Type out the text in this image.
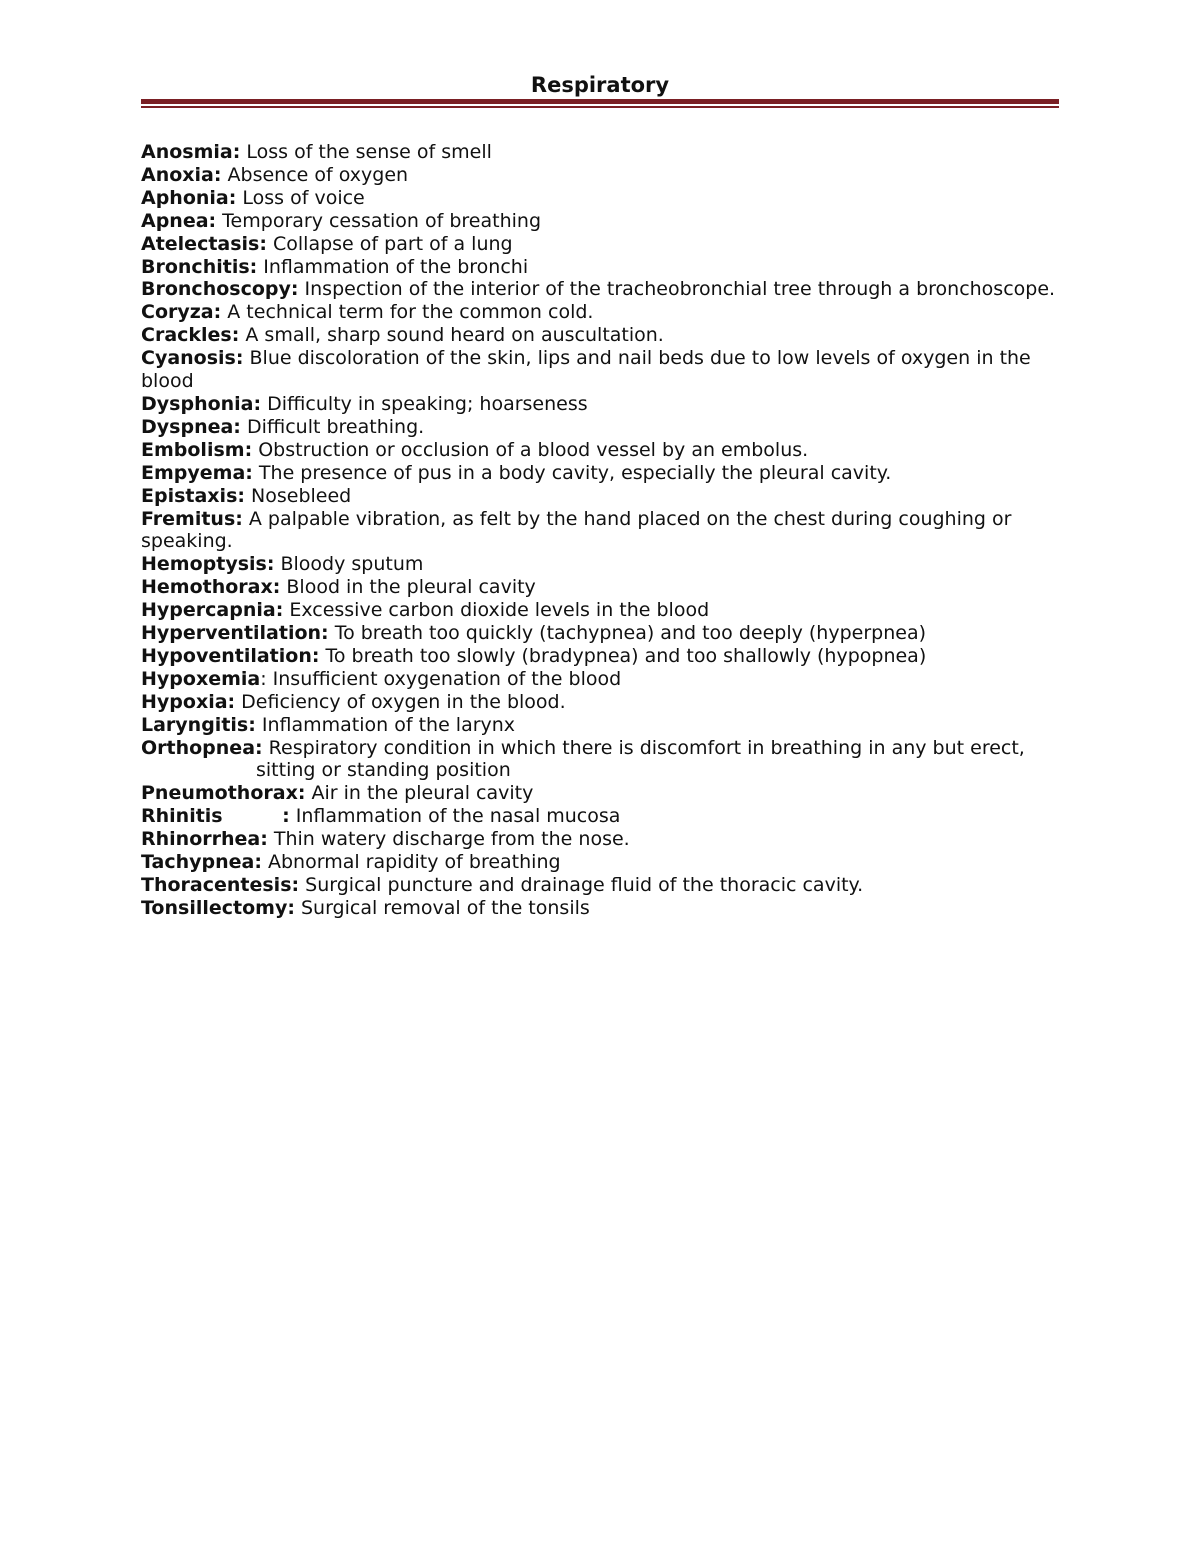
Respiratory
Anosmia: Loss of the sense of smell
Anoxia: Absence of oxygen
Aphonia: Loss of voice
Apnea: Temporary cessation of breathing
Atelectasis: Collapse of part of a lung
Bronchitis: Inflammation of the bronchi
Bronchoscopy: Inspection of the interior of the tracheobronchial tree through a bronchoscope.
Coryza: A technical term for the common cold.
Crackles: A small, sharp sound heard on auscultation.
Cyanosis: Blue discoloration of the skin, lips and nail beds due to low levels of oxygen in the blood
Dysphonia: Difficulty in speaking; hoarseness
Dyspnea: Difficult breathing.
Embolism: Obstruction or occlusion of a blood vessel by an embolus.
Empyema: The presence of pus in a body cavity, especially the pleural cavity.
Epistaxis: Nosebleed
Fremitus: A palpable vibration, as felt by the hand placed on the chest during coughing or speaking.
Hemoptysis: Bloody sputum
Hemothorax: Blood in the pleural cavity
Hypercapnia: Excessive carbon dioxide levels in the blood
Hyperventilation: To breath too quickly (tachypnea) and too deeply (hyperpnea)
Hypoventilation: To breath too slowly (bradypnea) and too shallowly (hypopnea)
Hypoxemia: Insufficient oxygenation of the blood
Hypoxia: Deficiency of oxygen in the blood.
Laryngitis: Inflammation of the larynx
Orthopnea: Respiratory condition in which there is discomfort in breathing in any but erect, sitting or standing position
Pneumothorax: Air in the pleural cavity
Rhinitis         : Inflammation of the nasal mucosa
Rhinorrhea: Thin watery discharge from the nose.
Tachypnea: Abnormal rapidity of breathing
Thoracentesis: Surgical puncture and drainage fluid of the thoracic cavity.
Tonsillectomy: Surgical removal of the tonsils
